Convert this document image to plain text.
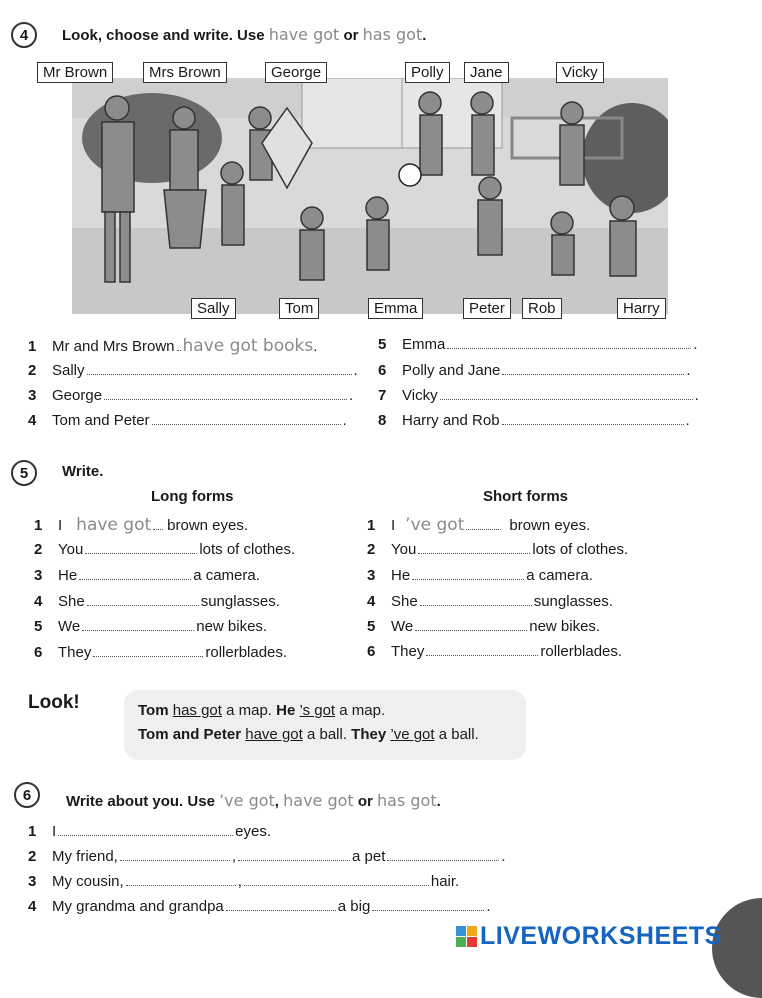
4 Look, choose and write. Use have got or has got.
Mr Brown	Mrs Brown	George	Polly	Jane	Vicky
Sally	Tom	Emma	Peter	Rob	Harry
1	Mr and Mrs Brown have got books .
2	Sally	.
3	George	.
4	Tom and Peter	.
5	Emma	.
6	Polly and Jane	.
7	Vicky	.
8	Harry and Rob	.
5 Write.
Long forms	Short forms
1	I have got brown eyes.
2	You	lots of clothes.
3	He	a camera.
4	She	sunglasses.
5	We	new bikes.
6	They	rollerblades.
1	I ’ve got	brown eyes.
2	You	lots of clothes.
3	He	a camera.
4	She	sunglasses.
5	We	new bikes.
6	They	rollerblades.
Look!	Tom has got a map. He ’s got a map.
Tom and Peter have got a ball. They ’ve got a ball.
6 Write about you. Use ’ve got, have got or has got.
1	I	eyes.
2	My friend,	,	a pet	.
3	My cousin,	,	hair.
4	My grandma and grandpa	a big	.
LIVEWORKSHEETS
